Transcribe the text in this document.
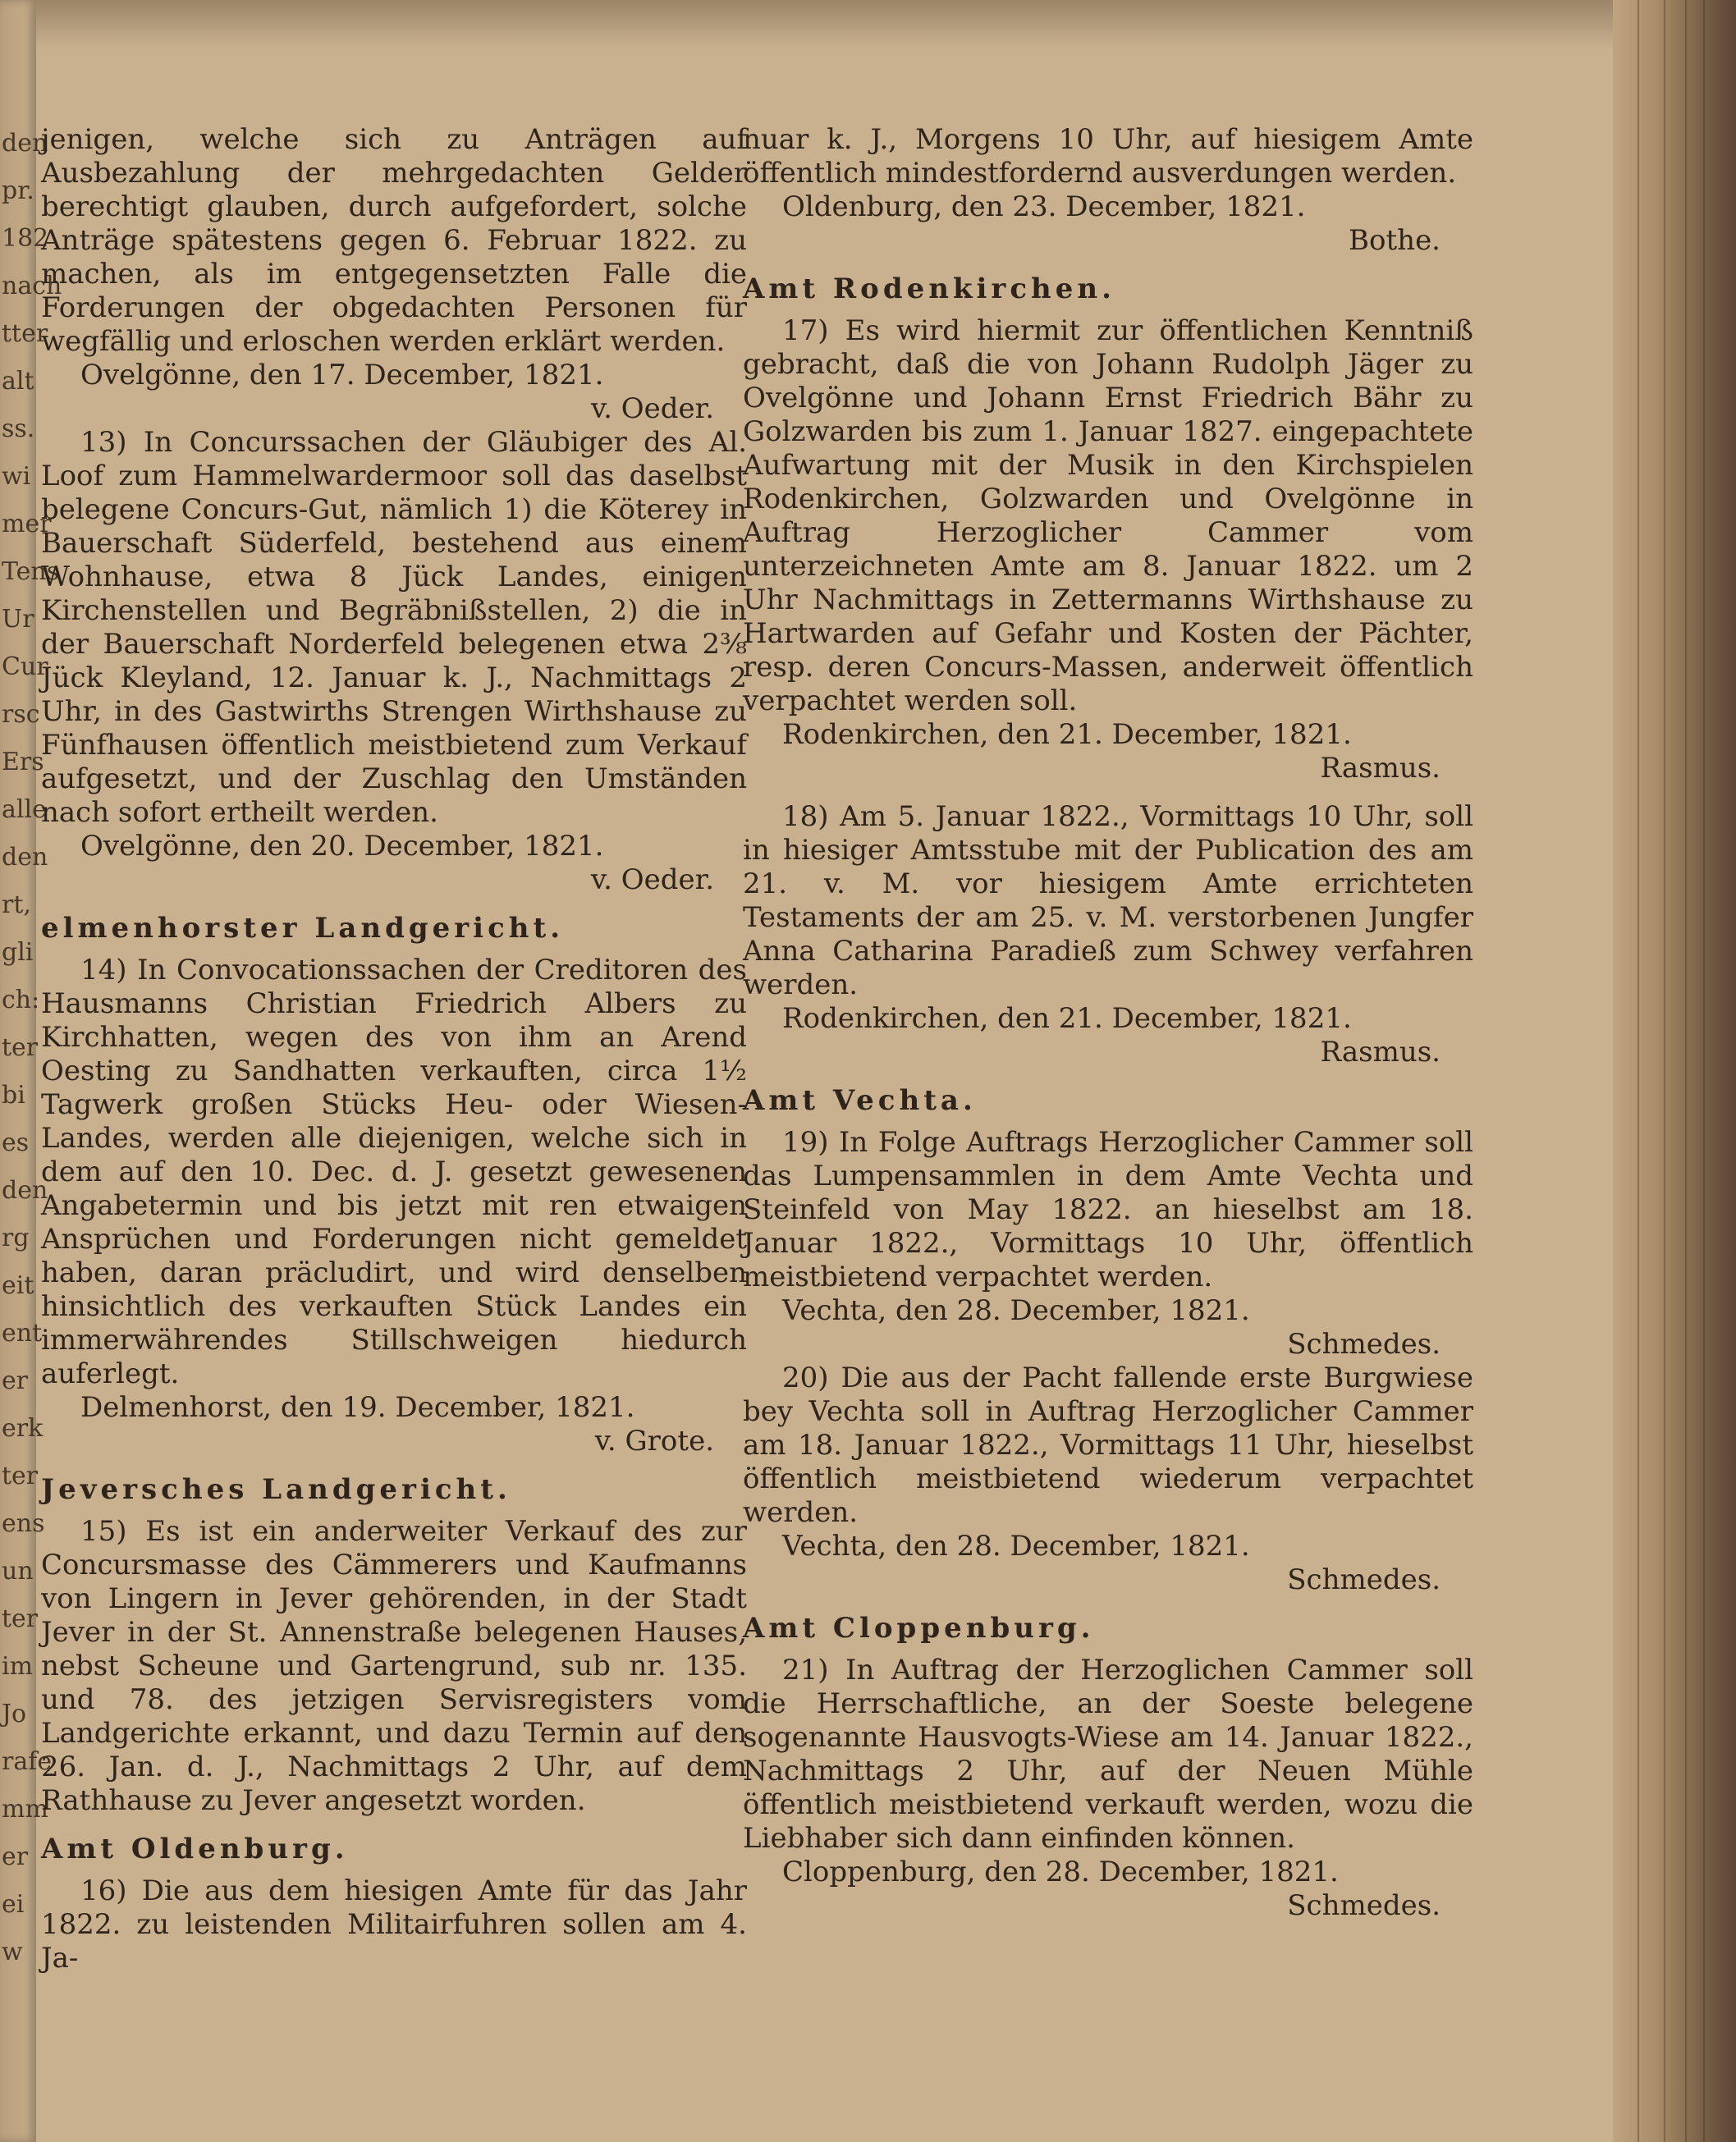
den
pr.
182
nach
tter
alt
ss.
wi
mer
Tens
Ur
Cur
rsc
Ers
alle
den
rt,
gli
ch:
ter
bi
es
den
rg
eit
ent
er
erk
ter
ens
un
ter
im
Jo
rafe
mm
er
ei
w

jenigen, welche sich zu Anträgen auf Ausbezahlung der mehrgedachten Gelder berechtigt glauben, durch aufgefordert, solche Anträge spätestens gegen 6. Februar 1822. zu machen, als im entgegensetzten Falle die Forderungen der obgedachten Personen für wegfällig und erloschen werden erklärt werden.

Ovelgönne, den 17. December, 1821.

v. Oeder.

13) In Concurssachen der Gläubiger des Al. Loof zum Hammelwardermoor soll das daselbst belegene Concurs-Gut, nämlich 1) die Köterey in Bauerschaft Süderfeld, bestehend aus einem Wohnhause, etwa 8 Jück Landes, einigen Kirchenstellen und Begräbnißstellen, 2) die in der Bauerschaft Norderfeld belegenen etwa 2⅜ Jück Kleyland, 12. Januar k. J., Nachmittags 2 Uhr, in des Gastwirths Strengen Wirthshause zu Fünfhausen öffentlich meistbietend zum Verkauf aufgesetzt, und der Zuschlag den Umständen nach sofort ertheilt werden.

Ovelgönne, den 20. December, 1821.

v. Oeder.

elmenhorster Landgericht.

14) In Convocationssachen der Creditoren des Hausmanns Christian Friedrich Albers zu Kirchhatten, wegen des von ihm an Arend Oesting zu Sandhatten verkauften, circa 1½ Tagwerk großen Stücks Heu- oder Wiesen-Landes, werden alle diejenigen, welche sich in dem auf den 10. Dec. d. J. gesetzt gewesenen Angabetermin und bis jetzt mit ren etwaigen Ansprüchen und Forderungen nicht gemeldet haben, daran präcludirt, und wird denselben hinsichtlich des verkauften Stück Landes ein immerwährendes Stillschweigen hiedurch auferlegt.

Delmenhorst, den 19. December, 1821.

v. Grote.

Jeversches Landgericht.

15) Es ist ein anderweiter Verkauf des zur Concursmasse des Cämmerers und Kaufmanns von Lingern in Jever gehörenden, in der Stadt Jever in der St. Annenstraße belegenen Hauses, nebst Scheune und Gartengrund, sub nr. 135. und 78. des jetzigen Servisregisters vom Landgerichte erkannt, und dazu Termin auf den 26. Jan. d. J., Nachmittags 2 Uhr, auf dem Rathhause zu Jever angesetzt worden.

Amt Oldenburg.

16) Die aus dem hiesigen Amte für das Jahr 1822. zu leistenden Militairfuhren sollen am 4. Ja-

nuar k. J., Morgens 10 Uhr, auf hiesigem Amte öffentlich mindestfordernd ausverdungen werden.

Oldenburg, den 23. December, 1821.

Bothe.

Amt Rodenkirchen.

17) Es wird hiermit zur öffentlichen Kenntniß gebracht, daß die von Johann Rudolph Jäger zu Ovelgönne und Johann Ernst Friedrich Bähr zu Golzwarden bis zum 1. Januar 1827. eingepachtete Aufwartung mit der Musik in den Kirchspielen Rodenkirchen, Golzwarden und Ovelgönne in Auftrag Herzoglicher Cammer vom unterzeichneten Amte am 8. Januar 1822. um 2 Uhr Nachmittags in Zettermanns Wirthshause zu Hartwarden auf Gefahr und Kosten der Pächter, resp. deren Concurs-Massen, anderweit öffentlich verpachtet werden soll.

Rodenkirchen, den 21. December, 1821.

Rasmus.

18) Am 5. Januar 1822., Vormittags 10 Uhr, soll in hiesiger Amtsstube mit der Publication des am 21. v. M. vor hiesigem Amte errichteten Testaments der am 25. v. M. verstorbenen Jungfer Anna Catharina Paradieß zum Schwey verfahren werden.

Rodenkirchen, den 21. December, 1821.

Rasmus.

Amt Vechta.

19) In Folge Auftrags Herzoglicher Cammer soll das Lumpensammlen in dem Amte Vechta und Steinfeld von May 1822. an hieselbst am 18. Januar 1822., Vormittags 10 Uhr, öffentlich meistbietend verpachtet werden.

Vechta, den 28. December, 1821.

Schmedes.

20) Die aus der Pacht fallende erste Burgwiese bey Vechta soll in Auftrag Herzoglicher Cammer am 18. Januar 1822., Vormittags 11 Uhr, hieselbst öffentlich meistbietend wiederum verpachtet werden.

Vechta, den 28. December, 1821.

Schmedes.

Amt Cloppenburg.

21) In Auftrag der Herzoglichen Cammer soll die Herrschaftliche, an der Soeste belegene sogenannte Hausvogts-Wiese am 14. Januar 1822., Nachmittags 2 Uhr, auf der Neuen Mühle öffentlich meistbietend verkauft werden, wozu die Liebhaber sich dann einfinden können.

Cloppenburg, den 28. December, 1821.

Schmedes.
